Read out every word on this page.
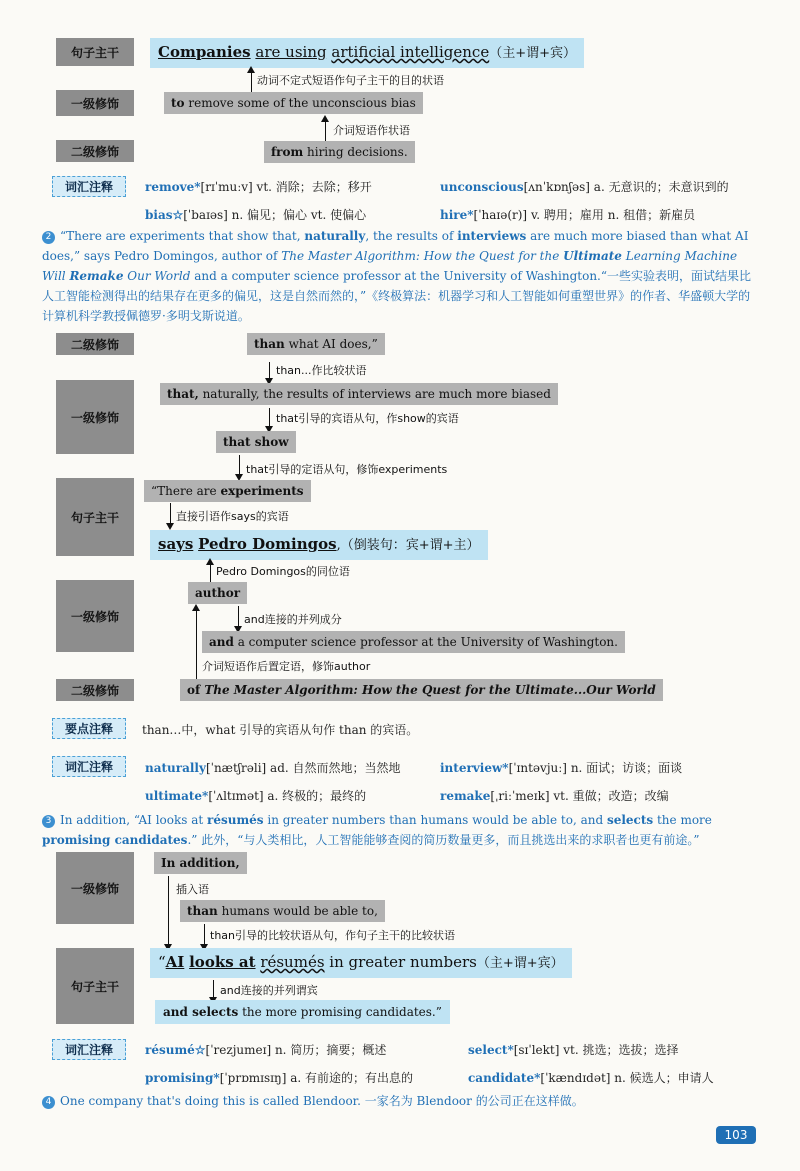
句子主干	Companies are using artificial intelligence（主+谓+宾）
动词不定式短语作句子主干的目的状语
一级修饰	to remove some of the unconscious bias
介词短语作状语
二级修饰	from hiring decisions.
词汇注释	remove*[rɪˈmuːv] vt. 消除；去除；移开	unconscious[ʌnˈkɒnʃəs] a. 无意识的；未意识到的
bias☆[ˈbaɪəs] n. 偏见；偏心 vt. 使偏心	hire*[ˈhaɪə(r)] v. 聘用；雇用 n. 租借；新雇员
2 “There are experiments that show that, naturally, the results of interviews are much more biased than what AI does,” says Pedro Domingos, author of The Master Algorithm: How the Quest for the Ultimate Learning Machine Will Remake Our World and a computer science professor at the University of Washington.“一些实验表明，面试结果比人工智能检测得出的结果存在更多的偏见，这是自然而然的，”《终极算法：机器学习和人工智能如何重塑世界》的作者、华盛顿大学的计算机科学教授佩德罗·多明戈斯说道。
二级修饰	than what AI does,”
than...作比较状语
一级修饰
that, naturally, the results of interviews are much more biased
that引导的宾语从句，作show的宾语
that show
that引导的定语从句，修饰experiments
句子主干
“There are experiments
直接引语作says的宾语
says Pedro Domingos,（倒装句：宾+谓+主）
Pedro Domingos的同位语
一级修饰
author
and连接的并列成分
and a computer science professor at the University of Washington.
介词短语作后置定语，修饰author
二级修饰	of The Master Algorithm: How the Quest for the Ultimate...Our World
要点注释	than…中，what 引导的宾语从句作 than 的宾语。
词汇注释	naturally[ˈnætʃrəli] ad. 自然而然地；当然地	interview*[ˈɪntəvjuː] n. 面试；访谈；面谈
ultimate*[ˈʌltɪmət] a. 终极的；最终的	remake[ˌriːˈmeɪk] vt. 重做；改造；改编
3 In addition, “AI looks at résumés in greater numbers than humans would be able to, and selects the more promising candidates.” 此外，“与人类相比，人工智能能够查阅的简历数量更多，而且挑选出来的求职者也更有前途。”
一级修饰
In addition,
插入语
than humans would be able to,
than引导的比较状语从句，作句子主干的比较状语
句子主干
“AI looks at résumés in greater numbers（主+谓+宾）
and连接的并列谓宾
and selects the more promising candidates.”
词汇注释	résumé☆[ˈrezjumeɪ] n. 简历；摘要；概述	select*[sɪˈlekt] vt. 挑选；选拔；选择
promising*[ˈprɒmɪsɪŋ] a. 有前途的；有出息的	candidate*[ˈkændɪdət] n. 候选人；申请人
4 One company that's doing this is called Blendoor. 一家名为 Blendoor 的公司正在这样做。
103
